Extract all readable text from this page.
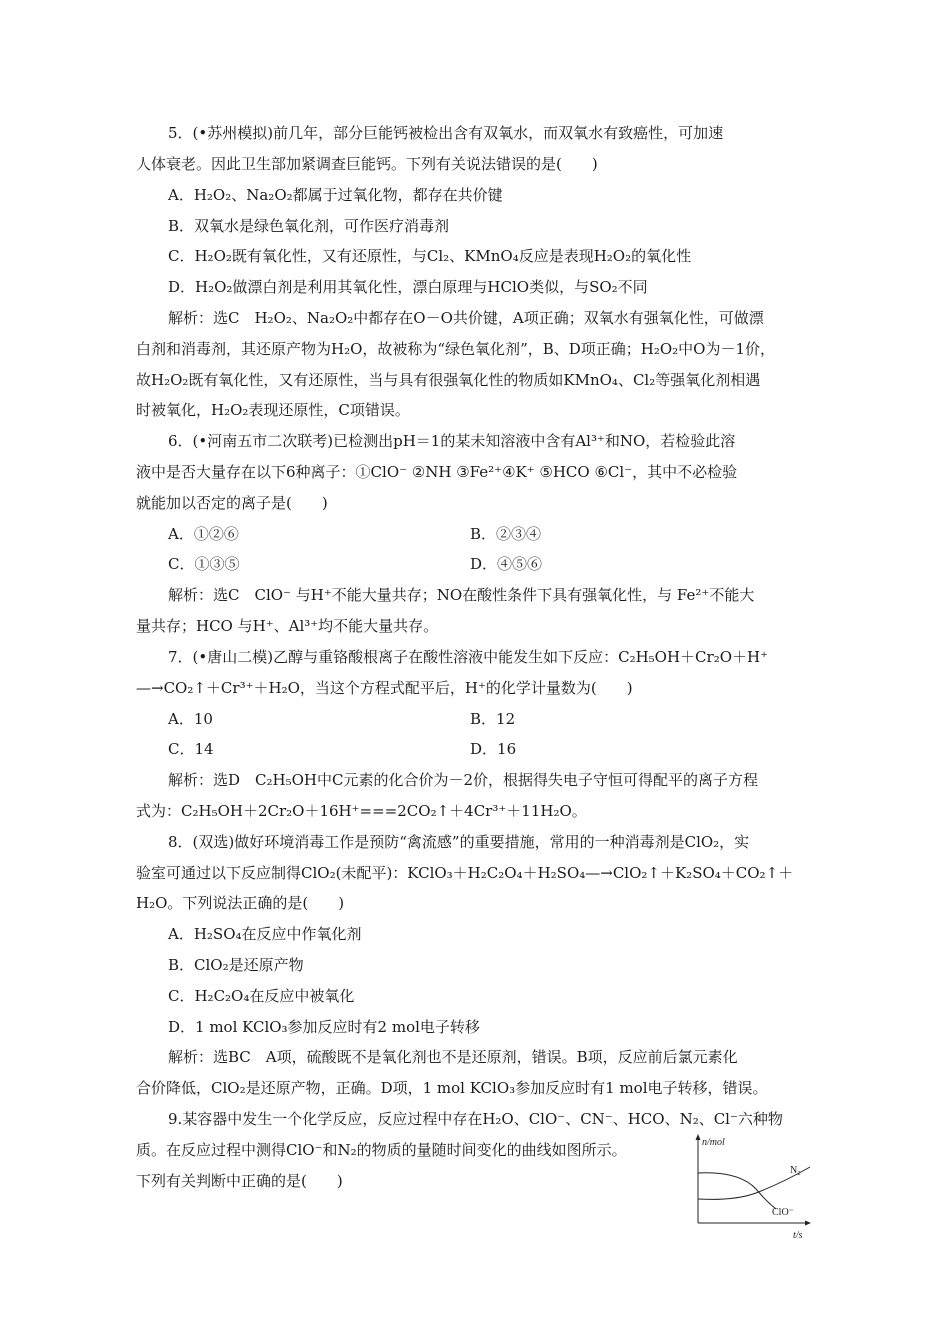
5．(•苏州模拟)前几年，部分巨能钙被检出含有双氧水，而双氧水有致癌性，可加速
人体衰老。因此卫生部加紧调查巨能钙。下列有关说法错误的是(　　)
A．H₂O₂、Na₂O₂都属于过氧化物，都存在共价键
B．双氧水是绿色氧化剂，可作医疗消毒剂
C．H₂O₂既有氧化性，又有还原性，与Cl₂、KMnO₄反应是表现H₂O₂的氧化性
D．H₂O₂做漂白剂是利用其氧化性，漂白原理与HClO类似，与SO₂不同
解析：选C　H₂O₂、Na₂O₂中都存在O－O共价键，A项正确；双氧水有强氧化性，可做漂
白剂和消毒剂，其还原产物为H₂O，故被称为“绿色氧化剂”，B、D项正确；H₂O₂中O为－1价，
故H₂O₂既有氧化性，又有还原性，当与具有很强氧化性的物质如KMnO₄、Cl₂等强氧化剂相遇
时被氧化，H₂O₂表现还原性，C项错误。
6．(•河南五市二次联考)已检测出pH＝1的某未知溶液中含有Al³⁺和NO，若检验此溶
液中是否大量存在以下6种离子：①ClO⁻ ②NH ③Fe²⁺④K⁺ ⑤HCO ⑥Cl⁻，其中不必检验
就能加以否定的离子是(　　)
A．①②⑥	B．②③④
C．①③⑤	D．④⑤⑥
解析：选C　ClO⁻ 与H⁺不能大量共存；NO在酸性条件下具有强氧化性，与 Fe²⁺不能大
量共存；HCO 与H⁺、Al³⁺均不能大量共存。
7．(•唐山二模)乙醇与重铬酸根离子在酸性溶液中能发生如下反应：C₂H₅OH＋Cr₂O＋H⁺
—→CO₂↑＋Cr³⁺＋H₂O，当这个方程式配平后，H⁺的化学计量数为(　　)
A．10	B．12
C．14	D．16
解析：选D　C₂H₅OH中C元素的化合价为－2价，根据得失电子守恒可得配平的离子方程
式为：C₂H₅OH＋2Cr₂O＋16H⁺===2CO₂↑＋4Cr³⁺＋11H₂O。
8．(双选)做好环境消毒工作是预防“禽流感”的重要措施，常用的一种消毒剂是ClO₂，实
验室可通过以下反应制得ClO₂(未配平)：KClO₃＋H₂C₂O₄＋H₂SO₄—→ClO₂↑＋K₂SO₄＋CO₂↑＋
H₂O。下列说法正确的是(　　)
A．H₂SO₄在反应中作氧化剂
B．ClO₂是还原产物
C．H₂C₂O₄在反应中被氧化
D．1 mol KClO₃参加反应时有2 mol电子转移
解析：选BC　A项，硫酸既不是氧化剂也不是还原剂，错误。B项，反应前后氯元素化
合价降低，ClO₂是还原产物，正确。D项，1 mol KClO₃参加反应时有1 mol电子转移，错误。
9.某容器中发生一个化学反应，反应过程中存在H₂O、ClO⁻、CN⁻、HCO、N₂、Cl⁻六种物
质。在反应过程中测得ClO⁻和N₂的物质的量随时间变化的曲线如图所示。
下列有关判断中正确的是(　　)
n/mol
N₂
ClO⁻
t/s
